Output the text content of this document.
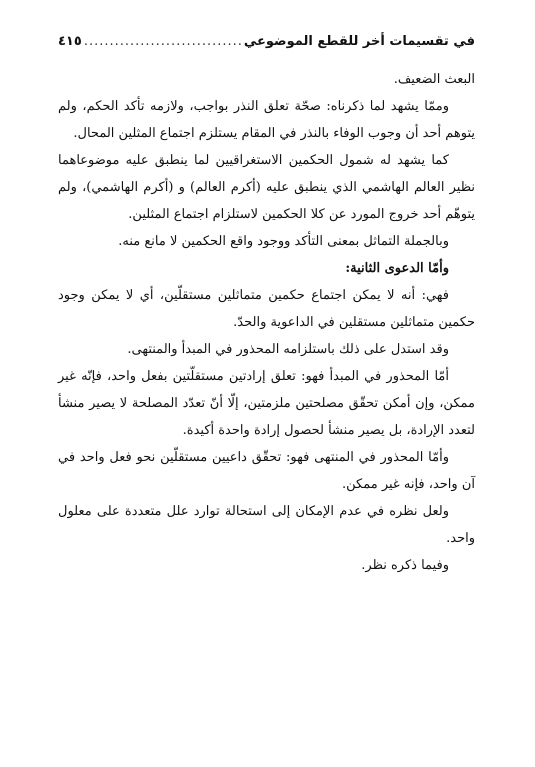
في تقسيمات أخر للقطع الموضوعي
.....
٤١٥

البعث الضعيف.

وممّا يشهد لما ذكرناه: صحّة تعلق النذر بواجب، ولازمه تأكد الحكم، ولم يتوهم أحد أن وجوب الوفاء بالنذر في المقام يستلزم اجتماع المثلين المحال.

كما يشهد له شمول الحكمين الاستغراقيين لما ينطبق عليه موضوعاهما نظير العالم الهاشمي الذي ينطبق عليه (أكرم العالم) و (أكرم الهاشمي)، ولم يتوهّم أحد خروج المورد عن كلا الحكمين لاستلزام اجتماع المثلين.

وبالجملة التماثل بمعنى التأكد ووجود واقع الحكمين لا مانع منه.

وأمّا الدعوى الثانية:

فهي: أنه لا يمكن اجتماع حكمين متماثلين مستقلّين، أي لا يمكن وجود حكمين متماثلين مستقلين في الداعوية والحدّ.

وقد استدل على ذلك باستلزامه المحذور في المبدأ والمنتهى.

أمّا المحذور في المبدأ فهو: تعلق إرادتين مستقلّتين بفعل واحد، فإنّه غير ممكن، وإن أمكن تحقّق مصلحتين ملزمتين، إلّا أنّ تعدّد المصلحة لا يصير منشأ لتعدد الإرادة، بل يصير منشأ لحصول إرادة واحدة أكيدة.

وأمّا المحذور في المنتهى فهو: تحقّق داعيين مستقلّين نحو فعل واحد في آن واحد، فإنه غير ممكن.

ولعل نظره في عدم الإمكان إلى استحالة توارد علل متعددة على معلول واحد.

وفيما ذكره نظر.
